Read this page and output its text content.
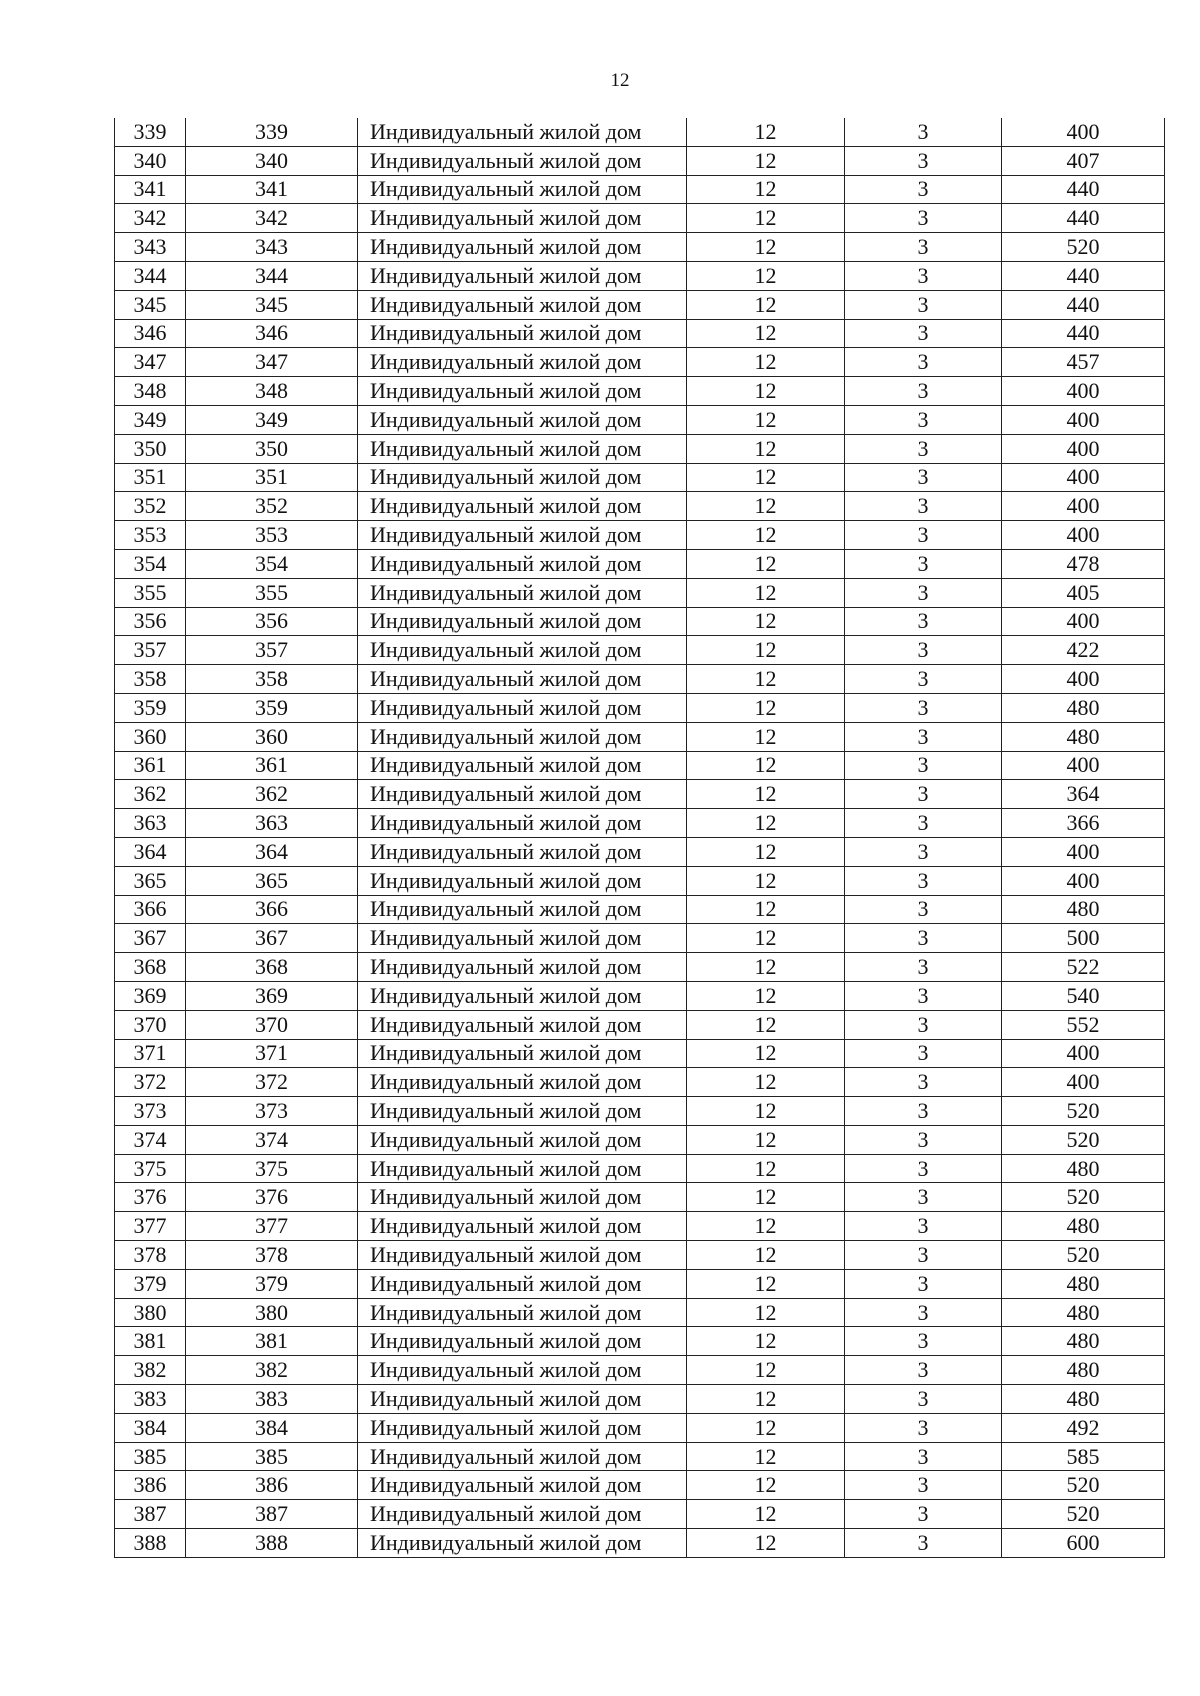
12
339	339	Индивидуальный жилой дом	12	3	400
340	340	Индивидуальный жилой дом	12	3	407
341	341	Индивидуальный жилой дом	12	3	440
342	342	Индивидуальный жилой дом	12	3	440
343	343	Индивидуальный жилой дом	12	3	520
344	344	Индивидуальный жилой дом	12	3	440
345	345	Индивидуальный жилой дом	12	3	440
346	346	Индивидуальный жилой дом	12	3	440
347	347	Индивидуальный жилой дом	12	3	457
348	348	Индивидуальный жилой дом	12	3	400
349	349	Индивидуальный жилой дом	12	3	400
350	350	Индивидуальный жилой дом	12	3	400
351	351	Индивидуальный жилой дом	12	3	400
352	352	Индивидуальный жилой дом	12	3	400
353	353	Индивидуальный жилой дом	12	3	400
354	354	Индивидуальный жилой дом	12	3	478
355	355	Индивидуальный жилой дом	12	3	405
356	356	Индивидуальный жилой дом	12	3	400
357	357	Индивидуальный жилой дом	12	3	422
358	358	Индивидуальный жилой дом	12	3	400
359	359	Индивидуальный жилой дом	12	3	480
360	360	Индивидуальный жилой дом	12	3	480
361	361	Индивидуальный жилой дом	12	3	400
362	362	Индивидуальный жилой дом	12	3	364
363	363	Индивидуальный жилой дом	12	3	366
364	364	Индивидуальный жилой дом	12	3	400
365	365	Индивидуальный жилой дом	12	3	400
366	366	Индивидуальный жилой дом	12	3	480
367	367	Индивидуальный жилой дом	12	3	500
368	368	Индивидуальный жилой дом	12	3	522
369	369	Индивидуальный жилой дом	12	3	540
370	370	Индивидуальный жилой дом	12	3	552
371	371	Индивидуальный жилой дом	12	3	400
372	372	Индивидуальный жилой дом	12	3	400
373	373	Индивидуальный жилой дом	12	3	520
374	374	Индивидуальный жилой дом	12	3	520
375	375	Индивидуальный жилой дом	12	3	480
376	376	Индивидуальный жилой дом	12	3	520
377	377	Индивидуальный жилой дом	12	3	480
378	378	Индивидуальный жилой дом	12	3	520
379	379	Индивидуальный жилой дом	12	3	480
380	380	Индивидуальный жилой дом	12	3	480
381	381	Индивидуальный жилой дом	12	3	480
382	382	Индивидуальный жилой дом	12	3	480
383	383	Индивидуальный жилой дом	12	3	480
384	384	Индивидуальный жилой дом	12	3	492
385	385	Индивидуальный жилой дом	12	3	585
386	386	Индивидуальный жилой дом	12	3	520
387	387	Индивидуальный жилой дом	12	3	520
388	388	Индивидуальный жилой дом	12	3	600
